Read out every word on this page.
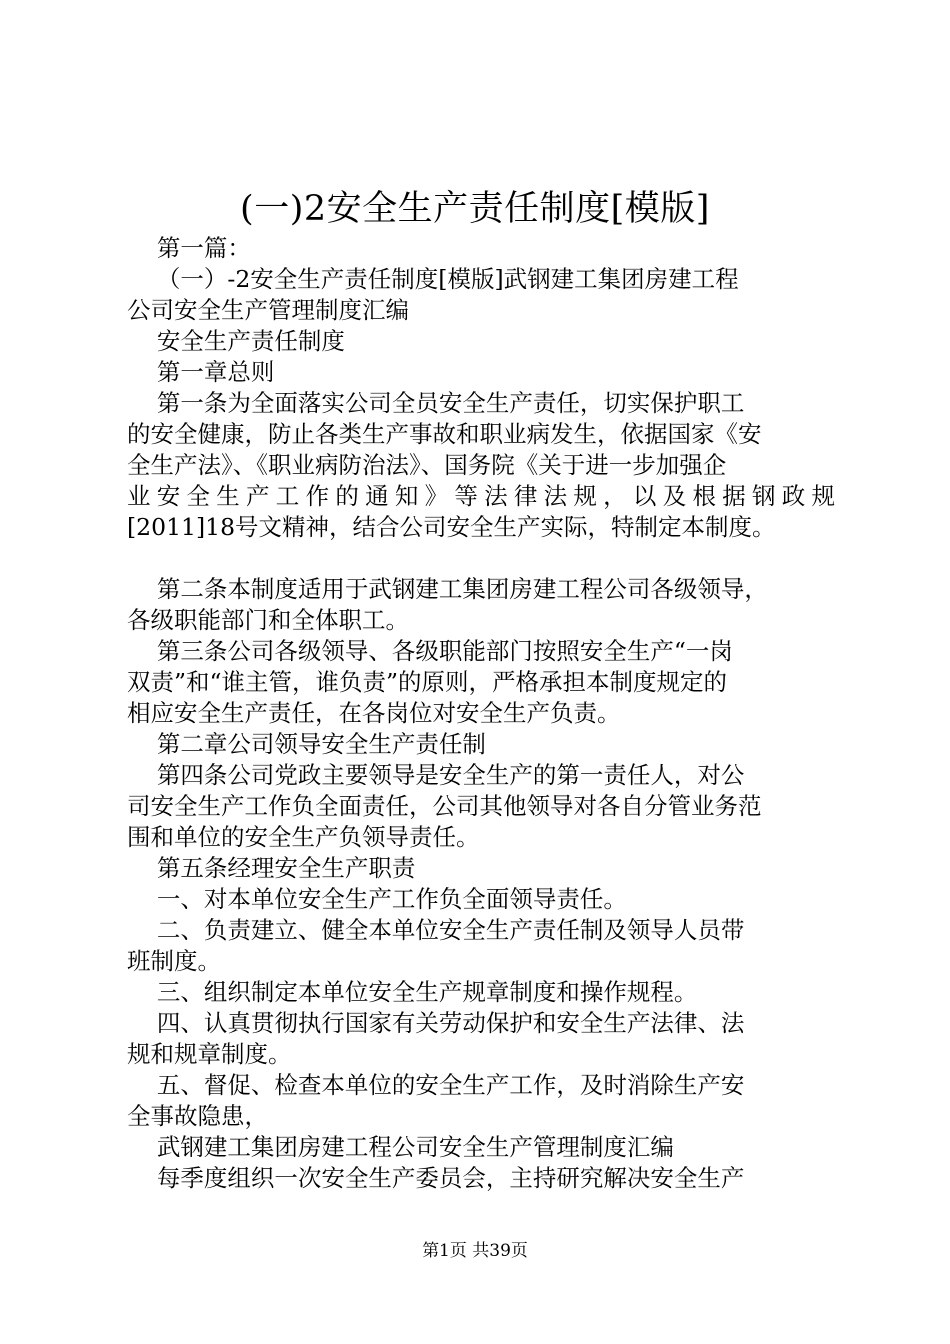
(一)2安全生产责任制度[模版]
第一篇：
（一）-2安全生产责任制度[模版]武钢建工集团房建工程
公司安全生产管理制度汇编
安全生产责任制度
第一章总则
第一条为全面落实公司全员安全生产责任，切实保护职工
的安全健康，防止各类生产事故和职业病发生，依据国家《安
全生产法》、《职业病防治法》、国务院《关于进一步加强企
业安全生产工作的通知》等法律法规，以及根据钢政规
[2011]18号文精神，结合公司安全生产实际，特制定本制度。
第二条本制度适用于武钢建工集团房建工程公司各级领导，
各级职能部门和全体职工。
第三条公司各级领导、各级职能部门按照安全生产“一岗
双责”和“谁主管，谁负责”的原则，严格承担本制度规定的
相应安全生产责任，在各岗位对安全生产负责。
第二章公司领导安全生产责任制
第四条公司党政主要领导是安全生产的第一责任人，对公
司安全生产工作负全面责任，公司其他领导对各自分管业务范
围和单位的安全生产负领导责任。
第五条经理安全生产职责
一、对本单位安全生产工作负全面领导责任。
二、负责建立、健全本单位安全生产责任制及领导人员带
班制度。
三、组织制定本单位安全生产规章制度和操作规程。
四、认真贯彻执行国家有关劳动保护和安全生产法律、法
规和规章制度。
五、督促、检查本单位的安全生产工作，及时消除生产安
全事故隐患，
武钢建工集团房建工程公司安全生产管理制度汇编
每季度组织一次安全生产委员会，主持研究解决安全生产
第1页 共39页
